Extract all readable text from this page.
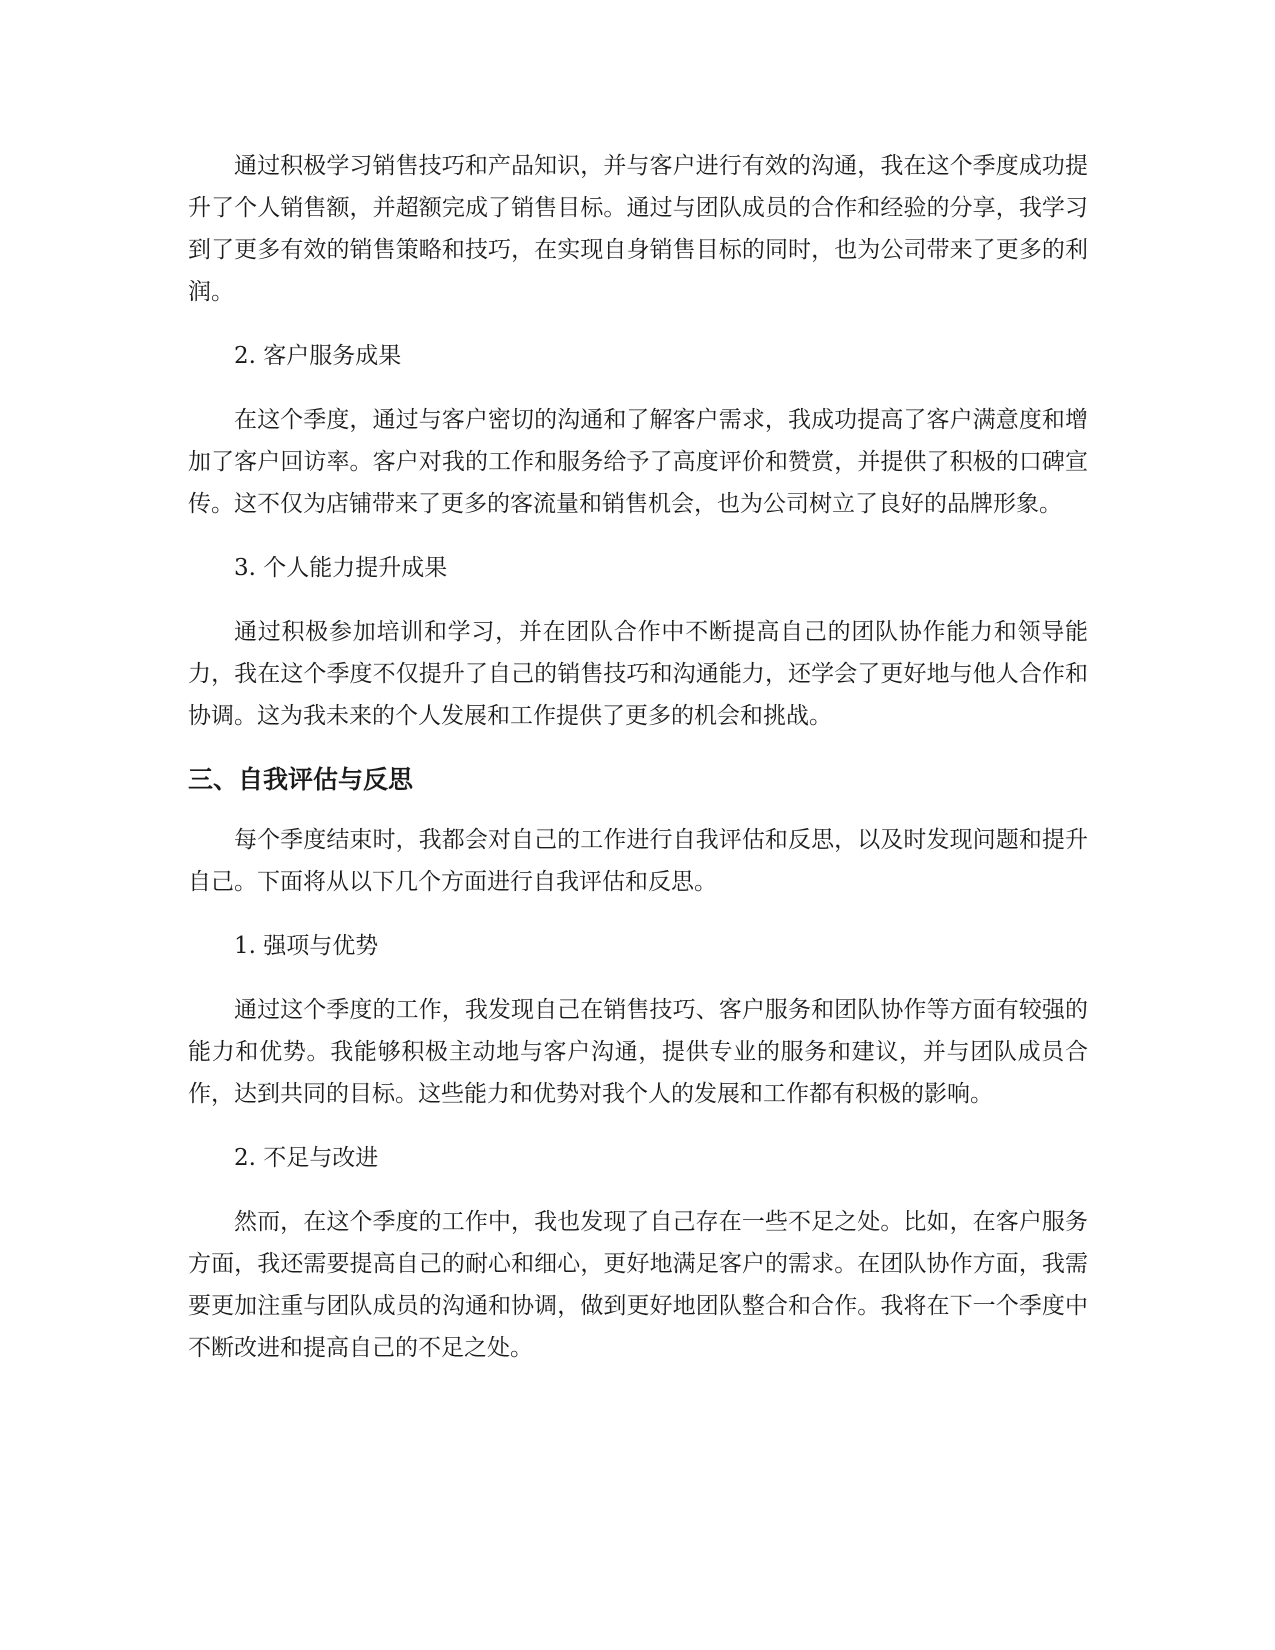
通过积极学习销售技巧和产品知识，并与客户进行有效的沟通，我在这个季度成功提升了个人销售额，并超额完成了销售目标。通过与团队成员的合作和经验的分享，我学习到了更多有效的销售策略和技巧，在实现自身销售目标的同时，也为公司带来了更多的利润。

2. 客户服务成果

在这个季度，通过与客户密切的沟通和了解客户需求，我成功提高了客户满意度和增加了客户回访率。客户对我的工作和服务给予了高度评价和赞赏，并提供了积极的口碑宣传。这不仅为店铺带来了更多的客流量和销售机会，也为公司树立了良好的品牌形象。

3. 个人能力提升成果

通过积极参加培训和学习，并在团队合作中不断提高自己的团队协作能力和领导能力，我在这个季度不仅提升了自己的销售技巧和沟通能力，还学会了更好地与他人合作和协调。这为我未来的个人发展和工作提供了更多的机会和挑战。

三、自我评估与反思

每个季度结束时，我都会对自己的工作进行自我评估和反思，以及时发现问题和提升自己。下面将从以下几个方面进行自我评估和反思。

1. 强项与优势

通过这个季度的工作，我发现自己在销售技巧、客户服务和团队协作等方面有较强的能力和优势。我能够积极主动地与客户沟通，提供专业的服务和建议，并与团队成员合作，达到共同的目标。这些能力和优势对我个人的发展和工作都有积极的影响。

2. 不足与改进

然而，在这个季度的工作中，我也发现了自己存在一些不足之处。比如，在客户服务方面，我还需要提高自己的耐心和细心，更好地满足客户的需求。在团队协作方面，我需要更加注重与团队成员的沟通和协调，做到更好地团队整合和合作。我将在下一个季度中不断改进和提高自己的不足之处。
